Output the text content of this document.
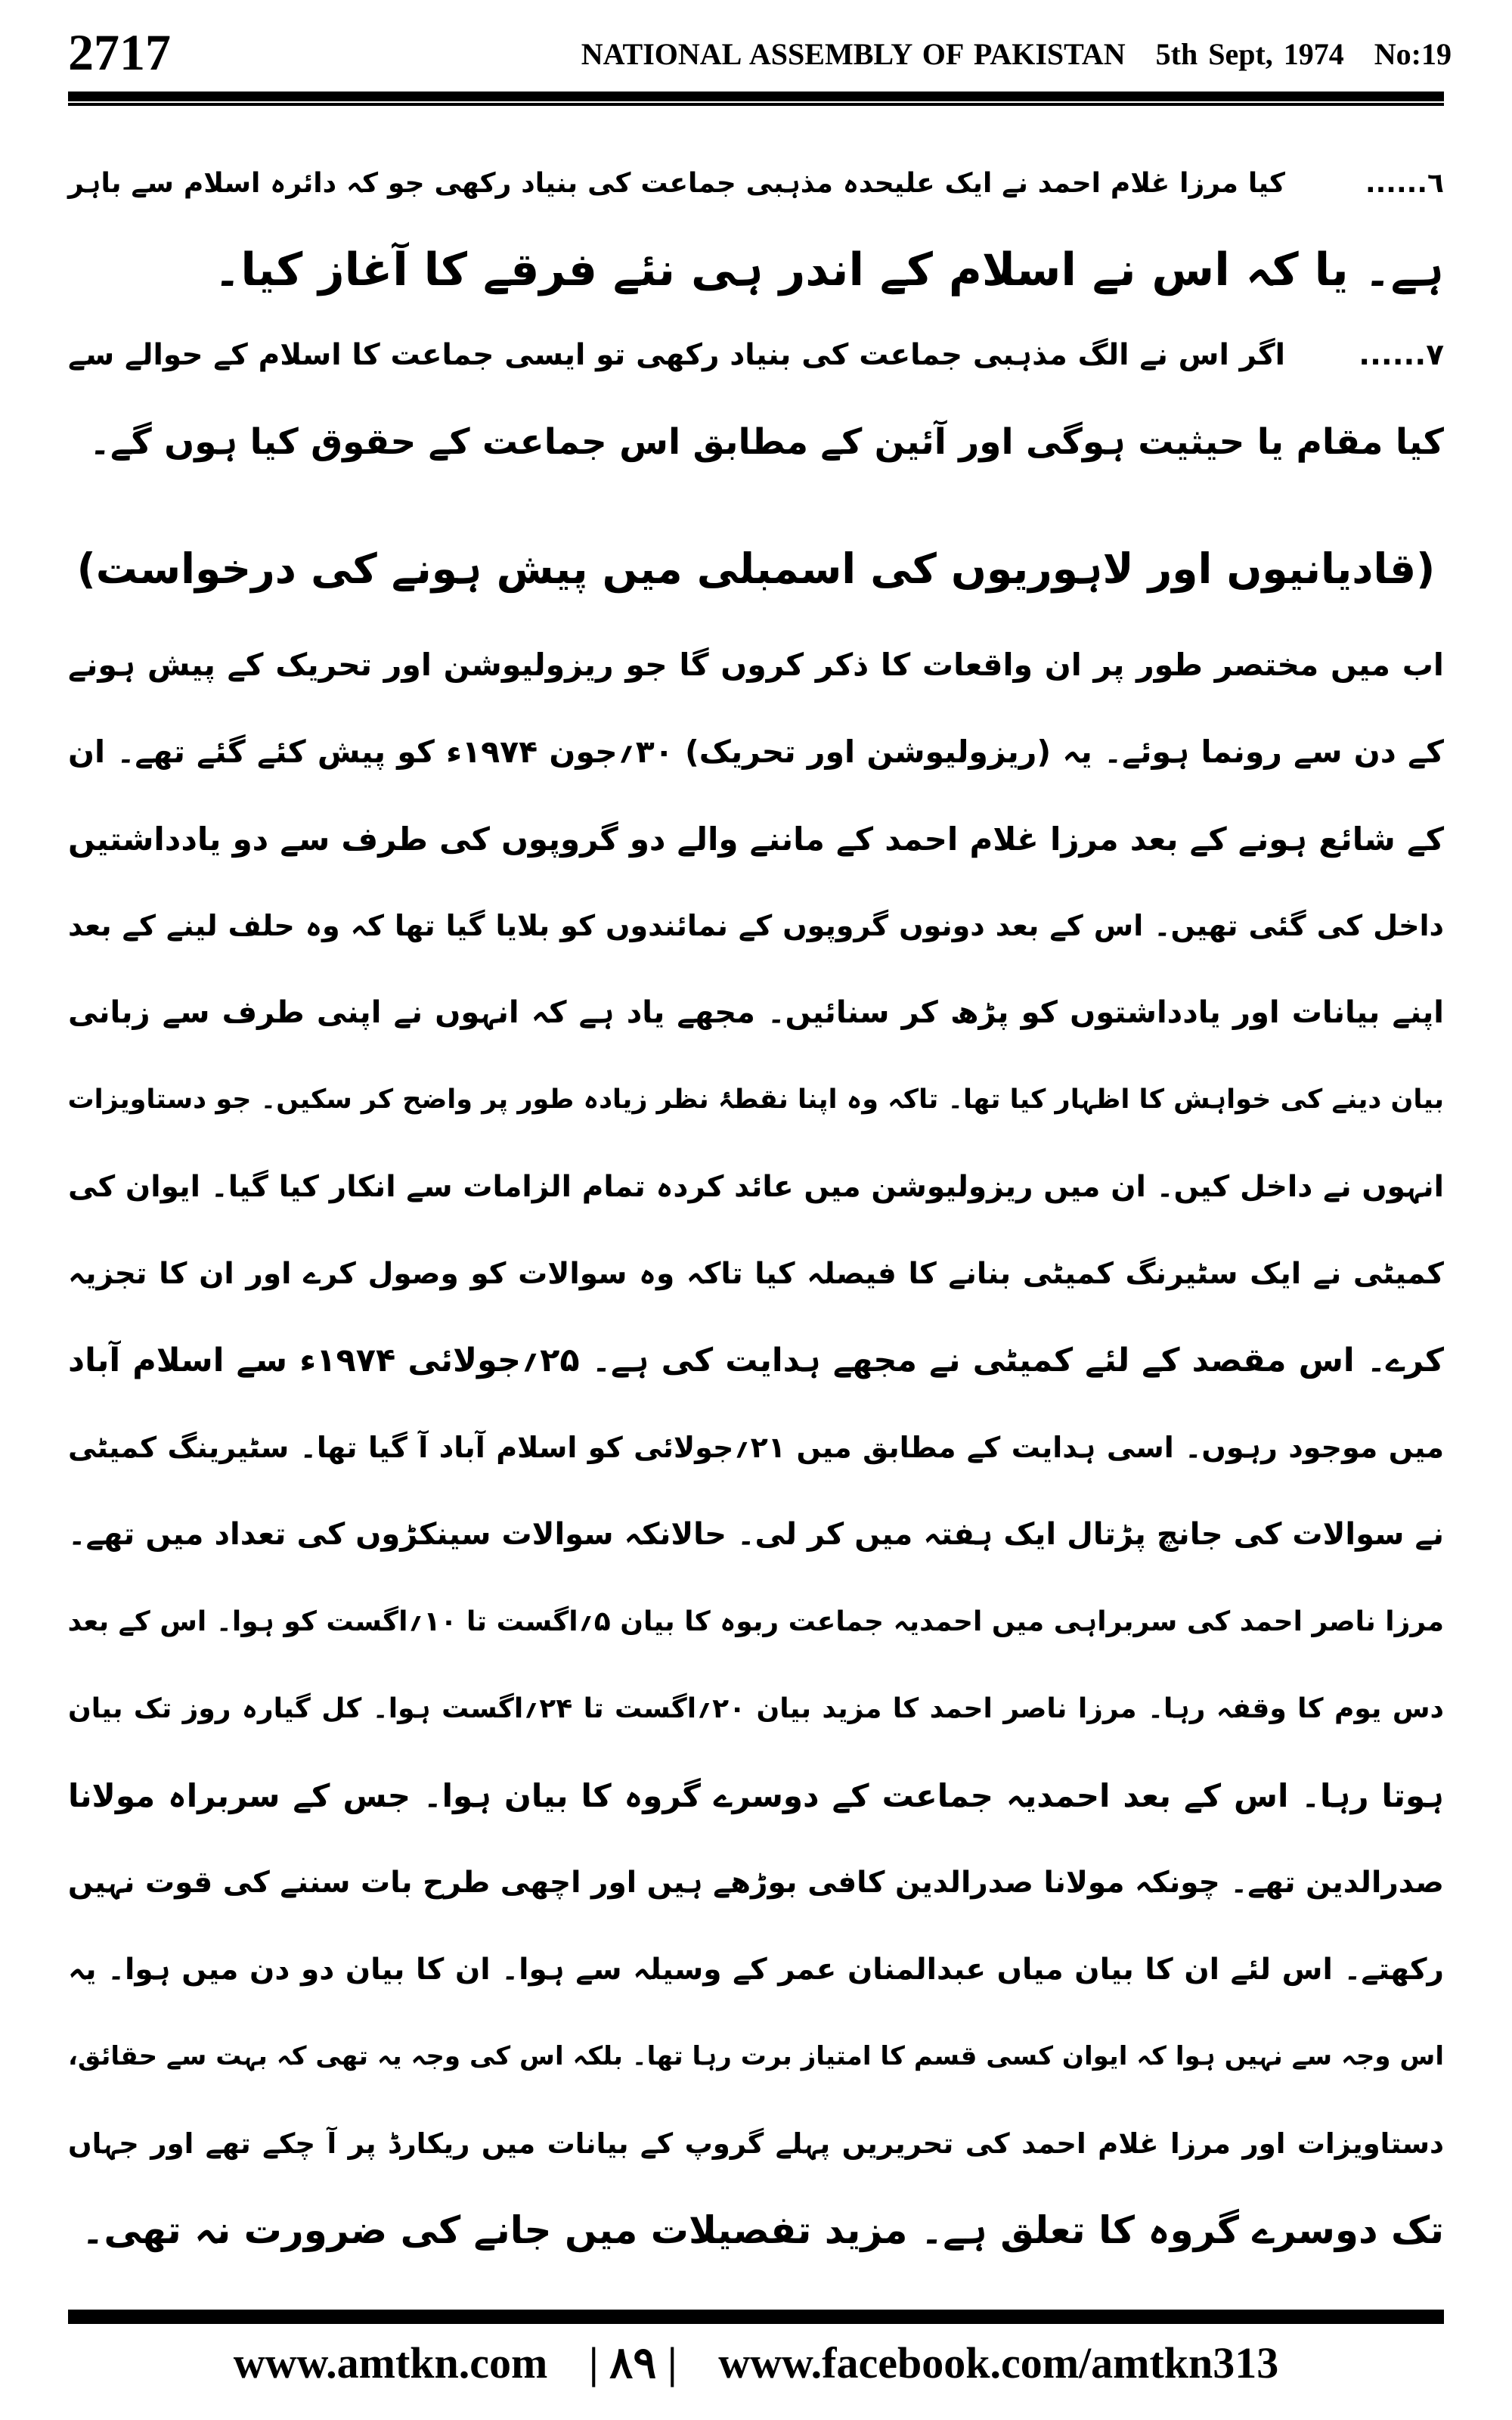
2717	NATIONAL ASSEMBLY OF PAKISTAN 5th Sept, 1974 No:19
٦......کیا مرزا غلام احمد نے ایک علیحدہ مذہبی جماعت کی بنیاد رکھی جو کہ دائرہ اسلام سے باہر
ہے۔ یا کہ اس نے اسلام کے اندر ہی نئے فرقے کا آغاز کیا۔
۷......اگر اس نے الگ مذہبی جماعت کی بنیاد رکھی تو ایسی جماعت کا اسلام کے حوالے سے
کیا مقام یا حیثیت ہوگی اور آئین کے مطابق اس جماعت کے حقوق کیا ہوں گے۔
(قادیانیوں اور لاہوریوں کی اسمبلی میں پیش ہونے کی درخواست)
اب میں مختصر طور پر ان واقعات کا ذکر کروں گا جو ریزولیوشن اور تحریک کے پیش ہونے
کے دن سے رونما ہوئے۔ یہ (ریزولیوشن اور تحریک) ۳۰؍جون ۱۹۷۴ء کو پیش کئے گئے تھے۔ ان
کے شائع ہونے کے بعد مرزا غلام احمد کے ماننے والے دو گروپوں کی طرف سے دو یادداشتیں
داخل کی گئی تھیں۔ اس کے بعد دونوں گروپوں کے نمائندوں کو بلایا گیا تھا کہ وہ حلف لینے کے بعد
اپنے بیانات اور یادداشتوں کو پڑھ کر سنائیں۔ مجھے یاد ہے کہ انہوں نے اپنی طرف سے زبانی
بیان دینے کی خواہش کا اظہار کیا تھا۔ تاکہ وہ اپنا نقطۂ نظر زیادہ طور پر واضح کر سکیں۔ جو دستاویزات
انہوں نے داخل کیں۔ ان میں ریزولیوشن میں عائد کردہ تمام الزامات سے انکار کیا گیا۔ ایوان کی
کمیٹی نے ایک سٹیرنگ کمیٹی بنانے کا فیصلہ کیا تاکہ وہ سوالات کو وصول کرے اور ان کا تجزیہ
کرے۔ اس مقصد کے لئے کمیٹی نے مجھے ہدایت کی ہے۔ ۲۵؍جولائی ۱۹۷۴ء سے اسلام آباد
میں موجود رہوں۔ اسی ہدایت کے مطابق میں ۲۱؍جولائی کو اسلام آباد آ گیا تھا۔ سٹیرینگ کمیٹی
نے سوالات کی جانچ پڑتال ایک ہفتہ میں کر لی۔ حالانکہ سوالات سینکڑوں کی تعداد میں تھے۔
مرزا ناصر احمد کی سربراہی میں احمدیہ جماعت ربوہ کا بیان ۵؍اگست تا ۱۰؍اگست کو ہوا۔ اس کے بعد
دس یوم کا وقفہ رہا۔ مرزا ناصر احمد کا مزید بیان ۲۰؍اگست تا ۲۴؍اگست ہوا۔ کل گیارہ روز تک بیان
ہوتا رہا۔ اس کے بعد احمدیہ جماعت کے دوسرے گروہ کا بیان ہوا۔ جس کے سربراہ مولانا
صدرالدین تھے۔ چونکہ مولانا صدرالدین کافی بوڑھے ہیں اور اچھی طرح بات سننے کی قوت نہیں
رکھتے۔ اس لئے ان کا بیان میاں عبدالمنان عمر کے وسیلہ سے ہوا۔ ان کا بیان دو دن میں ہوا۔ یہ
اس وجہ سے نہیں ہوا کہ ایوان کسی قسم کا امتیاز برت رہا تھا۔ بلکہ اس کی وجہ یہ تھی کہ بہت سے حقائق،
دستاویزات اور مرزا غلام احمد کی تحریریں پہلے گروپ کے بیانات میں ریکارڈ پر آ چکے تھے اور جہاں
تک دوسرے گروہ کا تعلق ہے۔ مزید تفصیلات میں جانے کی ضرورت نہ تھی۔
www.amtkn.com | ۸۹ | www.facebook.com/amtkn313
